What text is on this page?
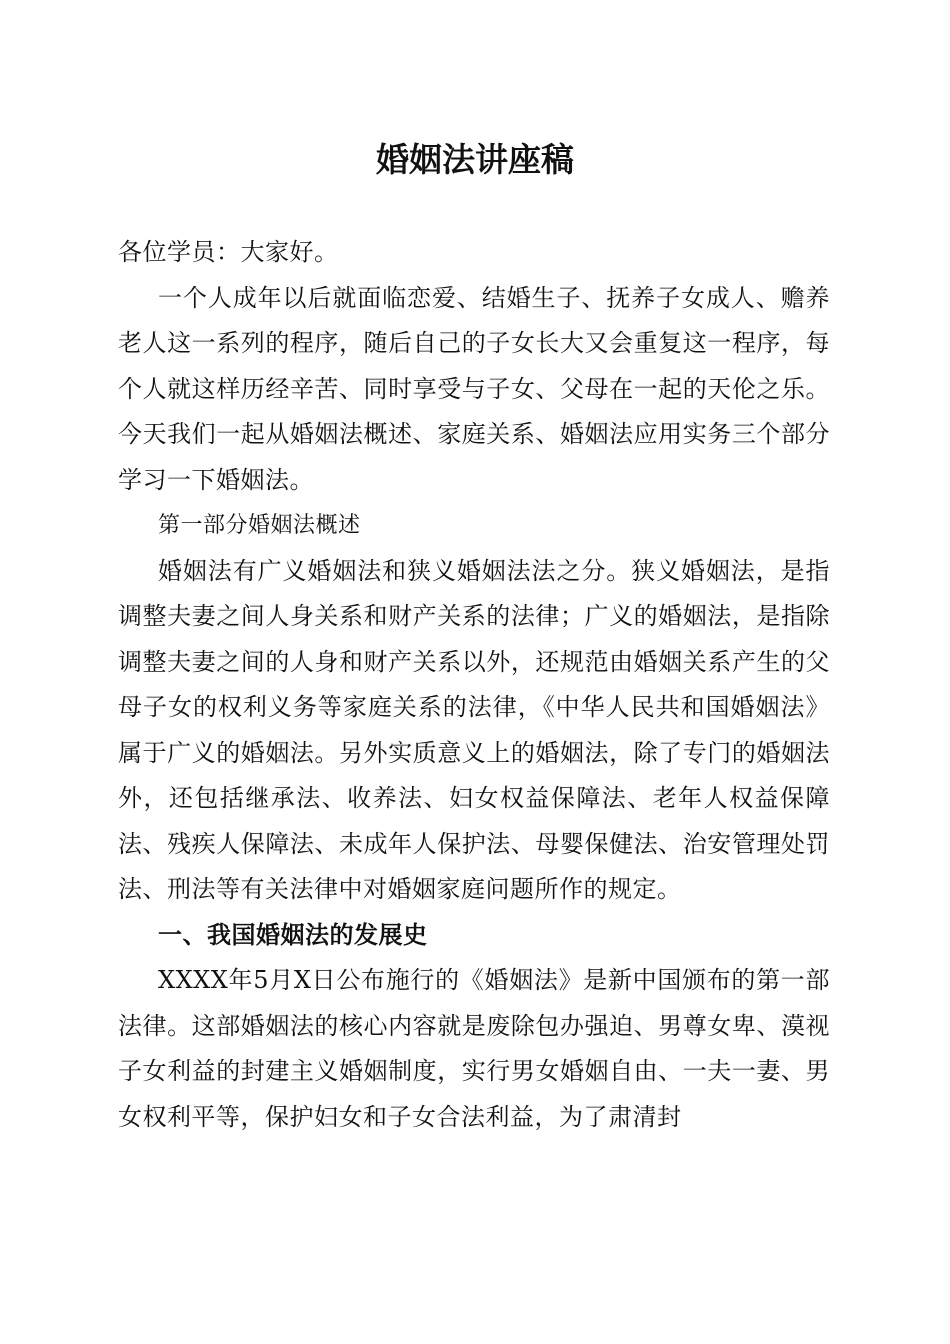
婚姻法讲座稿

各位学员：大家好。

一个人成年以后就面临恋爱、结婚生子、抚养子女成人、赡养老人这一系列的程序，随后自己的子女长大又会重复这一程序，每个人就这样历经辛苦、同时享受与子女、父母在一起的天伦之乐。今天我们一起从婚姻法概述、家庭关系、婚姻法应用实务三个部分学习一下婚姻法。

第一部分婚姻法概述

婚姻法有广义婚姻法和狭义婚姻法法之分。狭义婚姻法，是指调整夫妻之间人身关系和财产关系的法律；广义的婚姻法，是指除调整夫妻之间的人身和财产关系以外，还规范由婚姻关系产生的父母子女的权利义务等家庭关系的法律，《中华人民共和国婚姻法》属于广义的婚姻法。另外实质意义上的婚姻法，除了专门的婚姻法外，还包括继承法、收养法、妇女权益保障法、老年人权益保障法、残疾人保障法、未成年人保护法、母婴保健法、治安管理处罚法、刑法等有关法律中对婚姻家庭问题所作的规定。

一、我国婚姻法的发展史

XXXX年5月X日公布施行的《婚姻法》是新中国颁布的第一部法律。这部婚姻法的核心内容就是废除包办强迫、男尊女卑、漠视子女利益的封建主义婚姻制度，实行男女婚姻自由、一夫一妻、男女权利平等，保护妇女和子女合法利益，为了肃清封
